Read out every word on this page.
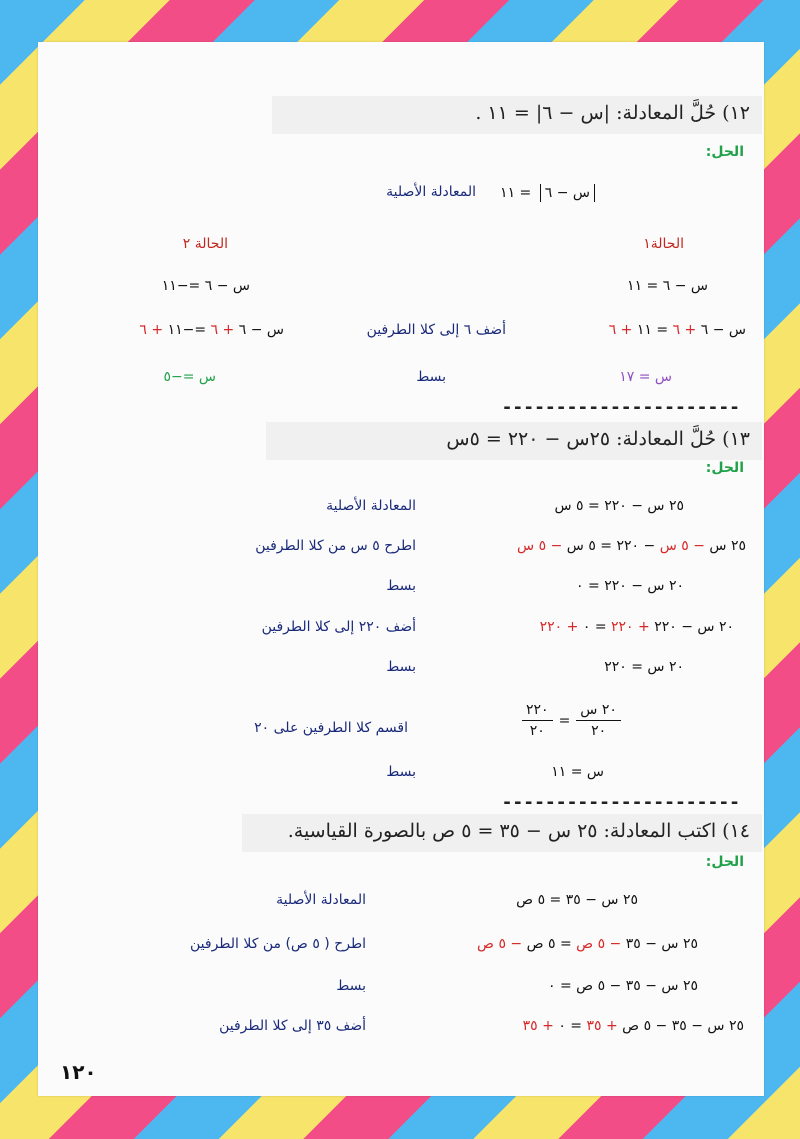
١٢) حُلَّ المعادلة: |س − ٦| = ١١ .
الحل:
س − ٦ = ١١
المعادلة الأصلية
الحالة١
الحالة ٢
س − ٦ = ١١
س − ٦ =−١١
س − ٦ + ٦ = ١١ + ٦
أضف ٦ إلى كلا الطرفين
س − ٦ + ٦ =−١١ + ٦
س = ١٧
بسط
س =−٥
----------------------
١٣) حُلَّ المعادلة: ٢٥س − ٢٢٠ = ٥س
الحل:
٢٥ س − ٢٢٠ = ٥ س
المعادلة الأصلية
٢٥ س − ٥ س − ٢٢٠ = ٥ س − ٥ س
اطرح ٥ س من كلا الطرفين
٢٠ س − ٢٢٠ = ٠
بسط
٢٠ س − ٢٢٠ + ٢٢٠ = ٠ + ٢٢٠
أضف ٢٢٠ إلى كلا الطرفين
٢٠ س = ٢٢٠
بسط
$\frac{٢٢٠}{٢٠} = \frac{\text{٢٠ س}}{٢٠}$
اقسم كلا الطرفين على ٢٠
س = ١١
بسط
----------------------
١٤) اكتب المعادلة: ٢٥ س − ٣٥ = ٥ ص بالصورة القياسية.
الحل:
٢٥ س − ٣٥ = ٥ ص
المعادلة الأصلية
٢٥ س − ٣٥ − ٥ ص = ٥ ص − ٥ ص
اطرح ( ٥ ص) من كلا الطرفين
٢٥ س − ٣٥ − ٥ ص = ٠
بسط
٢٥ س − ٣٥ − ٥ ص + ٣٥ = ٠ + ٣٥
أضف ٣٥ إلى كلا الطرفين
١٢٠
